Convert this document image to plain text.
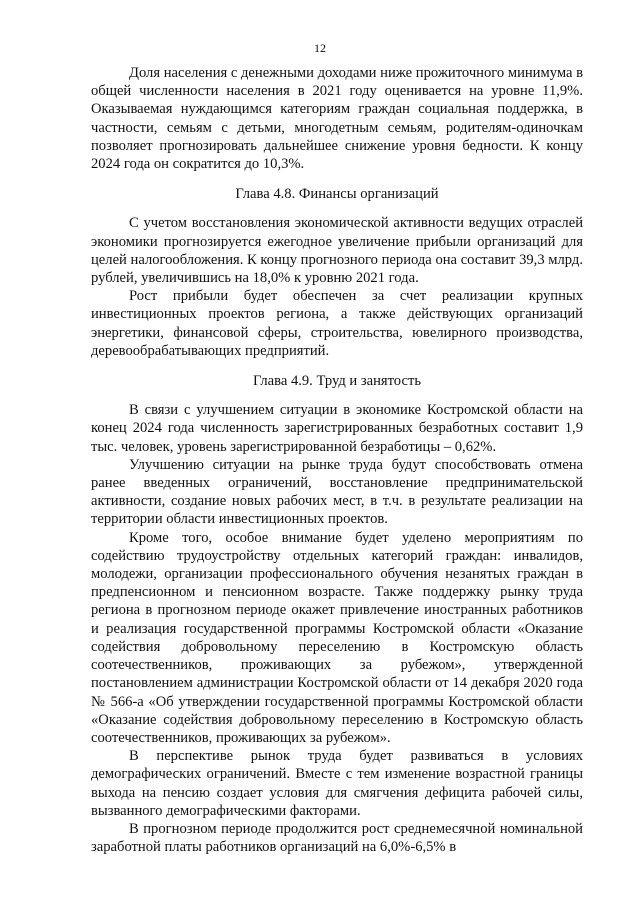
12

Доля населения с денежными доходами ниже прожиточного минимума в общей численности населения в 2021 году оценивается на уровне 11,9%. Оказываемая нуждающимся категориям граждан социальная поддержка, в частности, семьям с детьми, многодетным семьям, родителям-одиночкам позволяет прогнозировать дальнейшее снижение уровня бедности. К концу 2024 года он сократится до 10,3%.

Глава 4.8. Финансы организаций

С учетом восстановления экономической активности ведущих отраслей экономики прогнозируется ежегодное увеличение прибыли организаций для целей налогообложения. К концу прогнозного периода она составит 39,3 млрд. рублей, увеличившись на 18,0% к уровню 2021 года.

Рост прибыли будет обеспечен за счет реализации крупных инвестиционных проектов региона, а также действующих организаций энергетики, финансовой сферы, строительства, ювелирного производства, деревообрабатывающих предприятий.

Глава 4.9. Труд и занятость

В связи с улучшением ситуации в экономике Костромской области на конец 2024 года численность зарегистрированных безработных составит 1,9 тыс. человек, уровень зарегистрированной безработицы – 0,62%.

Улучшению ситуации на рынке труда будут способствовать отмена ранее введенных ограничений, восстановление предпринимательской активности, создание новых рабочих мест, в т.ч. в результате реализации на территории области инвестиционных проектов.

Кроме того, особое внимание будет уделено мероприятиям по содействию трудоустройству отдельных категорий граждан: инвалидов, молодежи, организации профессионального обучения незанятых граждан в предпенсионном и пенсионном возрасте. Также поддержку рынку труда региона в прогнозном периоде окажет привлечение иностранных работников и реализация государственной программы Костромской области «Оказание содействия добровольному переселению в Костромскую область соотечественников, проживающих за рубежом», утвержденной постановлением администрации Костромской области от 14 декабря 2020 года № 566-а «Об утверждении государственной программы Костромской области «Оказание содействия добровольному переселению в Костромскую область соотечественников, проживающих за рубежом».

В перспективе рынок труда будет развиваться в условиях демографических ограничений. Вместе с тем изменение возрастной границы выхода на пенсию создает условия для смягчения дефицита рабочей силы, вызванного демографическими факторами.

В прогнозном периоде продолжится рост среднемесячной номинальной заработной платы работников организаций на 6,0%-6,5% в
